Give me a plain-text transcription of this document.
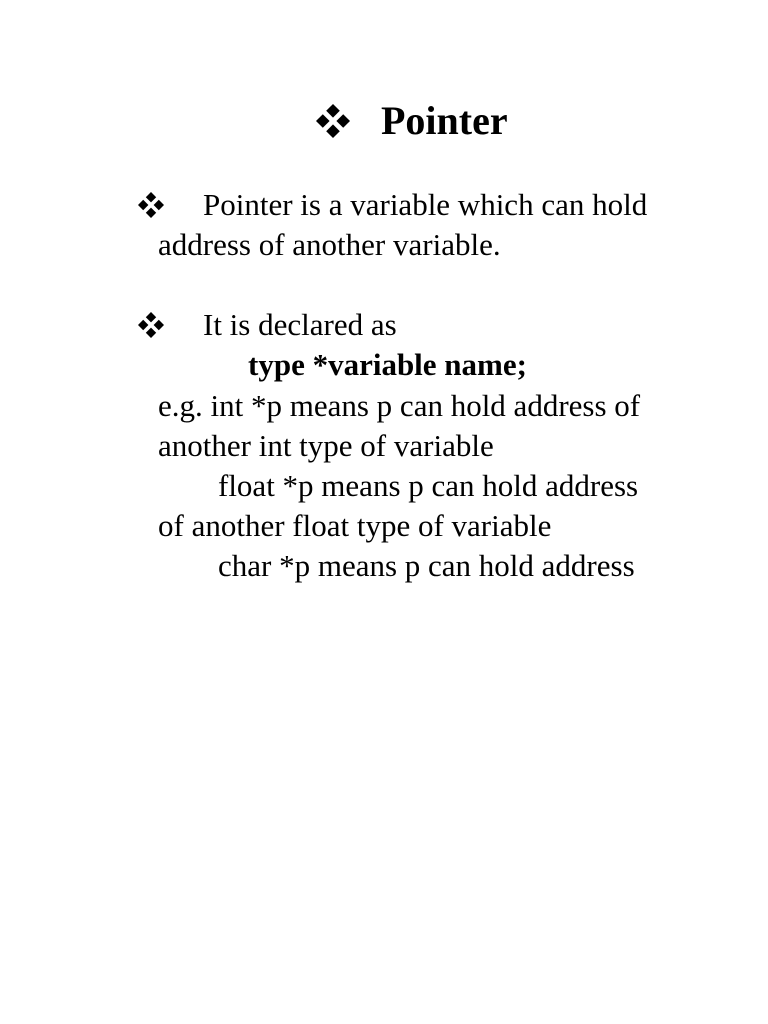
Pointer
Pointer is a variable which can hold
address of another variable.
It is declared as
type *variable name;
e.g. int *p means p can hold address of
another int type of variable
float *p means p can hold address
of another float type of variable
char *p means p can hold address
